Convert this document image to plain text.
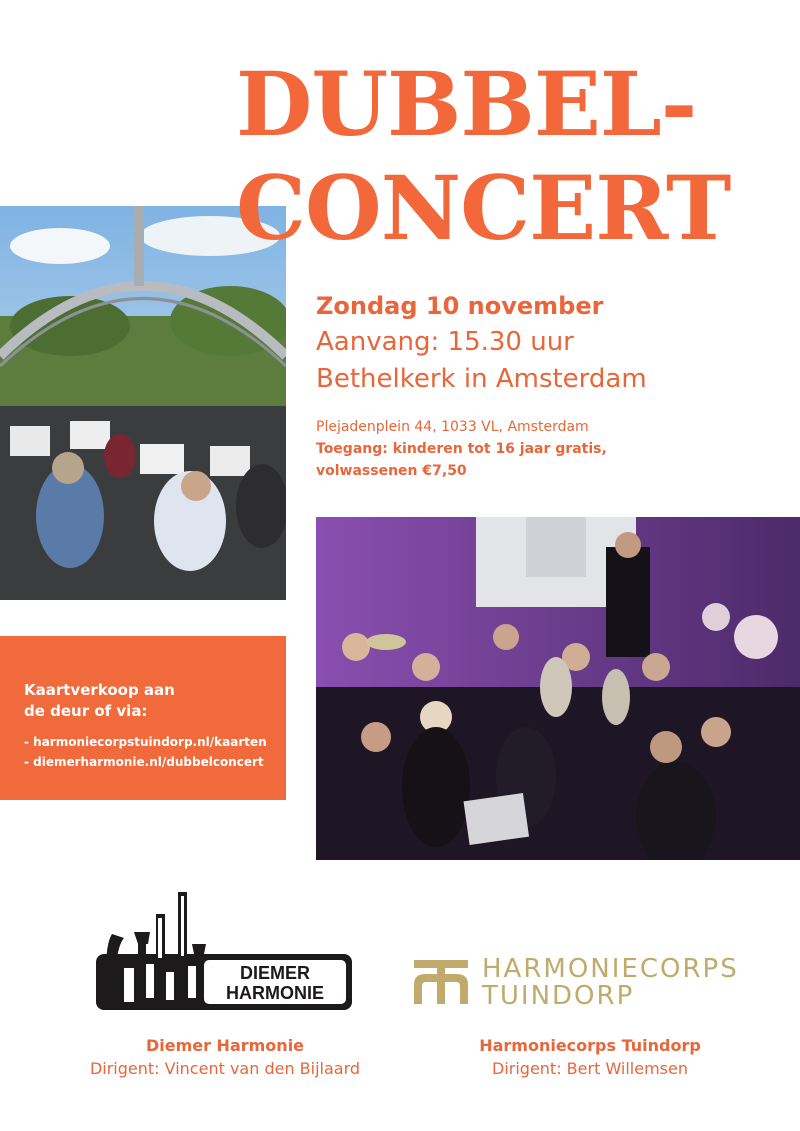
DUBBEL-
CONCERT
Zondag 10 november
Aanvang: 15.30 uur
Bethelkerk in Amsterdam
Plejadenplein 44, 1033 VL, Amsterdam
Toegang: kinderen tot 16 jaar gratis,
volwassenen €7,50
Kaartverkoop aan
de deur of via:
- harmoniecorpstuindorp.nl/kaarten
- diemerharmonie.nl/dubbelconcert
DIEMER
HARMONIE
HARMONIECORPS
TUINDORP
Diemer Harmonie
Dirigent: Vincent van den Bijlaard
Harmoniecorps Tuindorp
Dirigent: Bert Willemsen
